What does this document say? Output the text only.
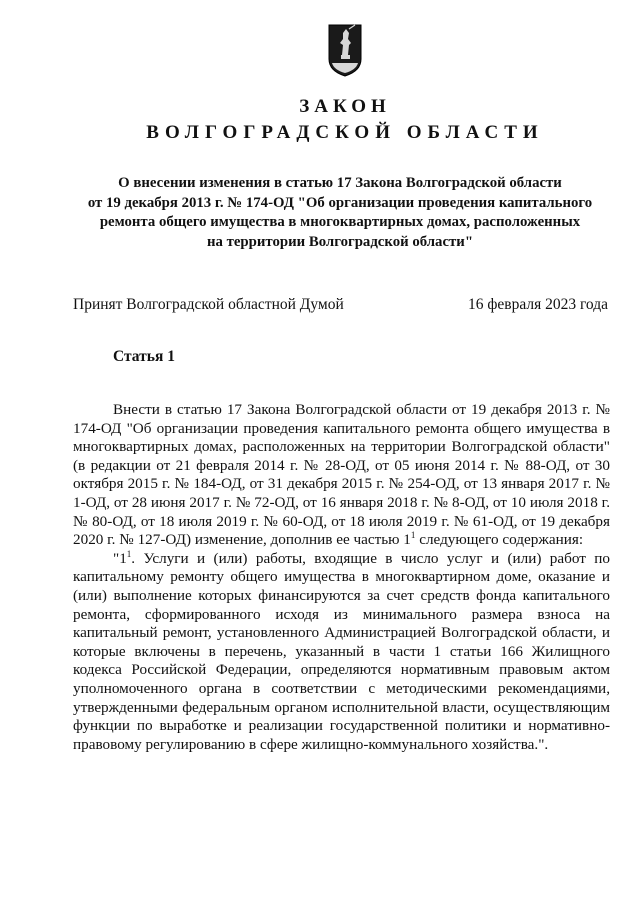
ЗАКОН
ВОЛГОГРАДСКОЙ ОБЛАСТИ
О внесении изменения в статью 17 Закона Волгоградской области
от 19 декабря 2013 г. № 174-ОД "Об организации проведения капитального
ремонта общего имущества в многоквартирных домах, расположенных
на территории Волгоградской области"
Принят Волгоградской областной Думой	16 февраля 2023 года
Статья 1

Внести в статью 17 Закона Волгоградской области от 19 декабря 2013 г. № 174-ОД "Об организации проведения капитального ремонта общего имущества в многоквартирных домах, расположенных на территории Волгоградской области" (в редакции от 21 февраля 2014 г. № 28-ОД, от 05 июня 2014 г. № 88-ОД, от 30 октября 2015 г. № 184-ОД, от 31 декабря 2015 г. № 254-ОД, от 13 января 2017 г. № 1-ОД, от 28 июня 2017 г. № 72-ОД, от 16 января 2018 г. № 8-ОД, от 10 июля 2018 г. № 80-ОД, от 18 июля 2019 г. № 60-ОД, от 18 июля 2019 г. № 61-ОД, от 19 декабря 2020 г. № 127-ОД) изменение, дополнив ее частью $1^1$ следующего содержания:

"$1^1$. Услуги и (или) работы, входящие в число услуг и (или) работ по капитальному ремонту общего имущества в многоквартирном доме, оказание и (или) выполнение которых финансируются за счет средств фонда капитального ремонта, сформированного исходя из минимального размера взноса на капитальный ремонт, установленного Администрацией Волгоградской области, и которые включены в перечень, указанный в части 1 статьи 166 Жилищного кодекса Российской Федерации, определяются нормативным правовым актом уполномоченного органа в соответствии с методическими рекомендациями, утвержденными федеральным органом исполнительной власти, осуществляющим функции по выработке и реализации государственной политики и нормативно-правовому регулированию в сфере жилищно-коммунального хозяйства.".
